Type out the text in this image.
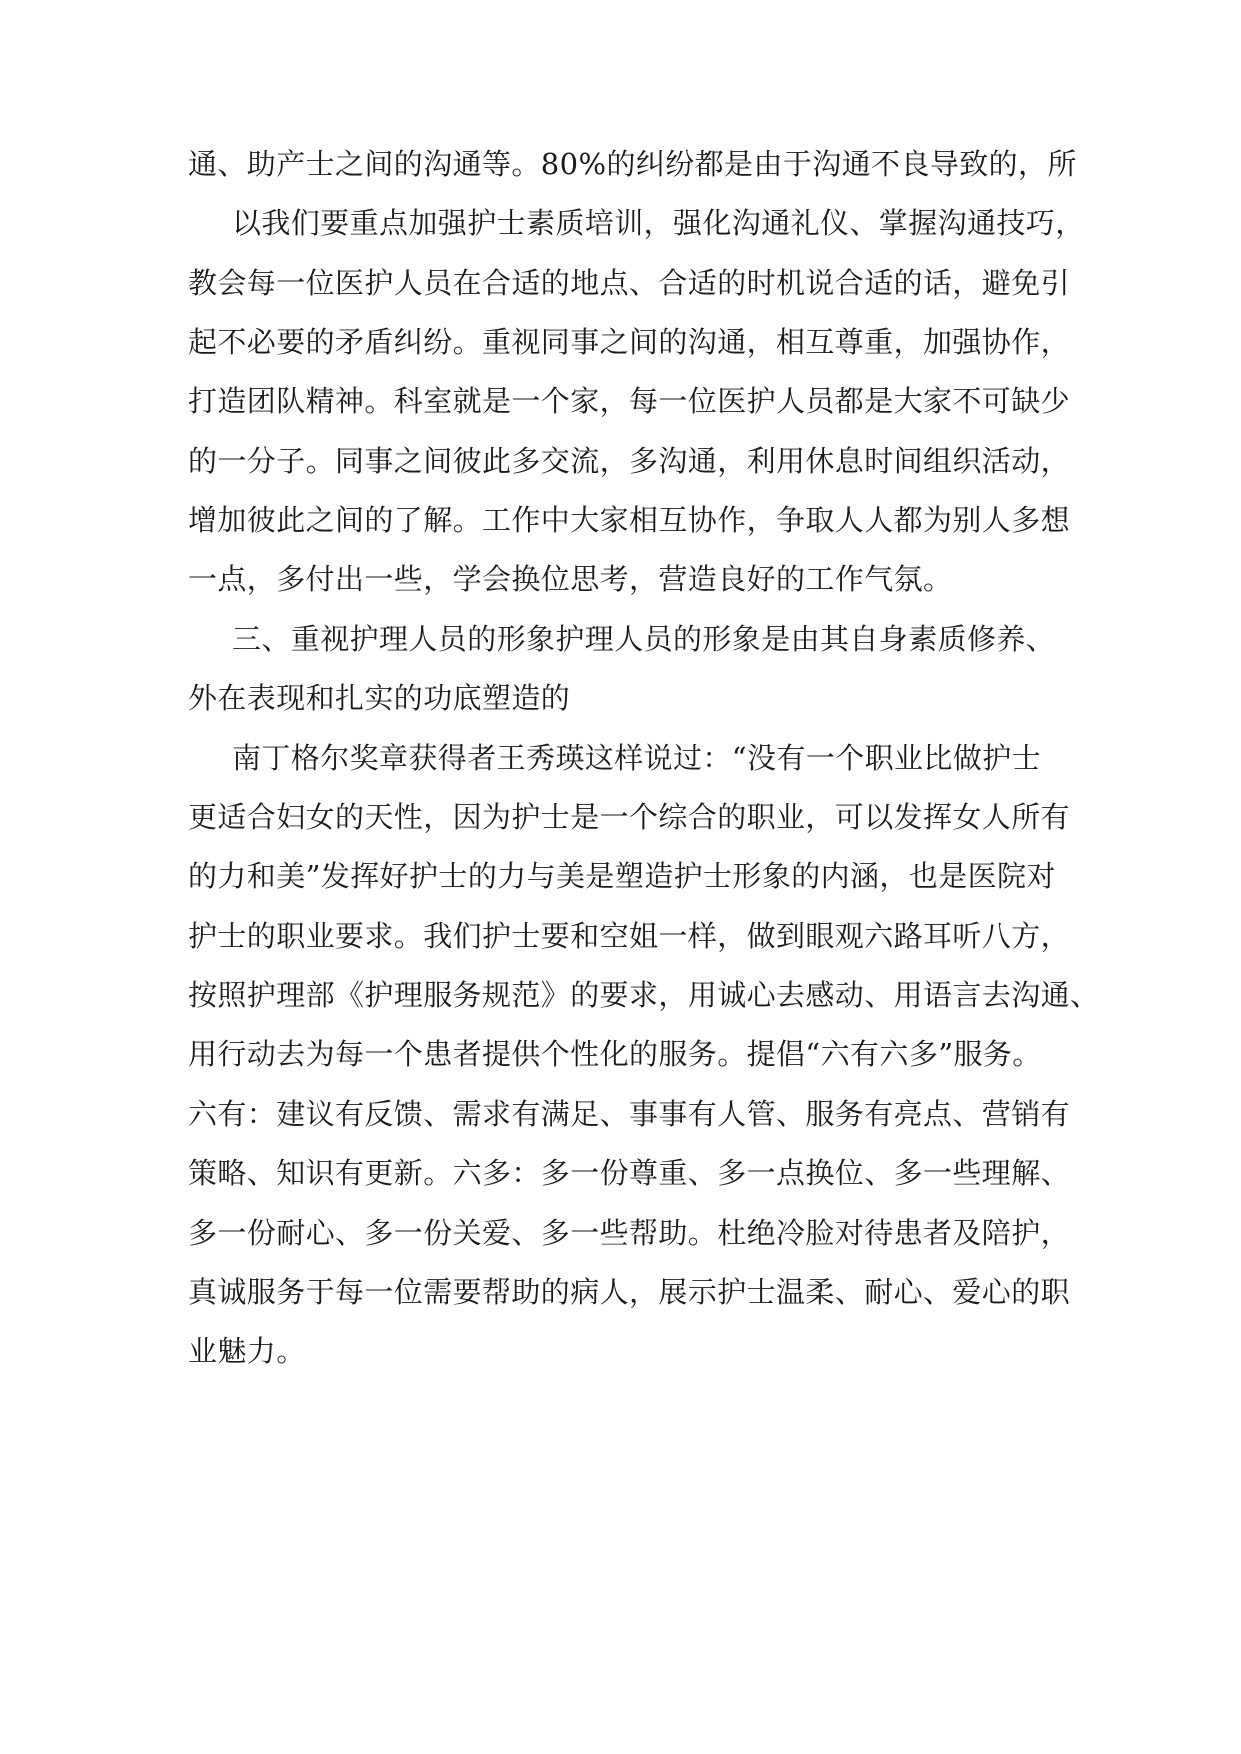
通、助产士之间的沟通等。80%的纠纷都是由于沟通不良导致的，所
以我们要重点加强护士素质培训，强化沟通礼仪、掌握沟通技巧，
教会每一位医护人员在合适的地点、合适的时机说合适的话，避免引
起不必要的矛盾纠纷。重视同事之间的沟通，相互尊重，加强协作，
打造团队精神。科室就是一个家，每一位医护人员都是大家不可缺少
的一分子。同事之间彼此多交流，多沟通，利用休息时间组织活动，
增加彼此之间的了解。工作中大家相互协作，争取人人都为别人多想
一点，多付出一些，学会换位思考，营造良好的工作气氛。
三、重视护理人员的形象护理人员的形象是由其自身素质修养、
外在表现和扎实的功底塑造的
南丁格尔奖章获得者王秀瑛这样说过：“没有一个职业比做护士
更适合妇女的天性，因为护士是一个综合的职业，可以发挥女人所有
的力和美”发挥好护士的力与美是塑造护士形象的内涵，也是医院对
护士的职业要求。我们护士要和空姐一样，做到眼观六路耳听八方，
按照护理部《护理服务规范》的要求，用诚心去感动、用语言去沟通、
用行动去为每一个患者提供个性化的服务。提倡“六有六多”服务。
六有：建议有反馈、需求有满足、事事有人管、服务有亮点、营销有
策略、知识有更新。六多：多一份尊重、多一点换位、多一些理解、
多一份耐心、多一份关爱、多一些帮助。杜绝冷脸对待患者及陪护，
真诚服务于每一位需要帮助的病人，展示护士温柔、耐心、爱心的职
业魅力。
